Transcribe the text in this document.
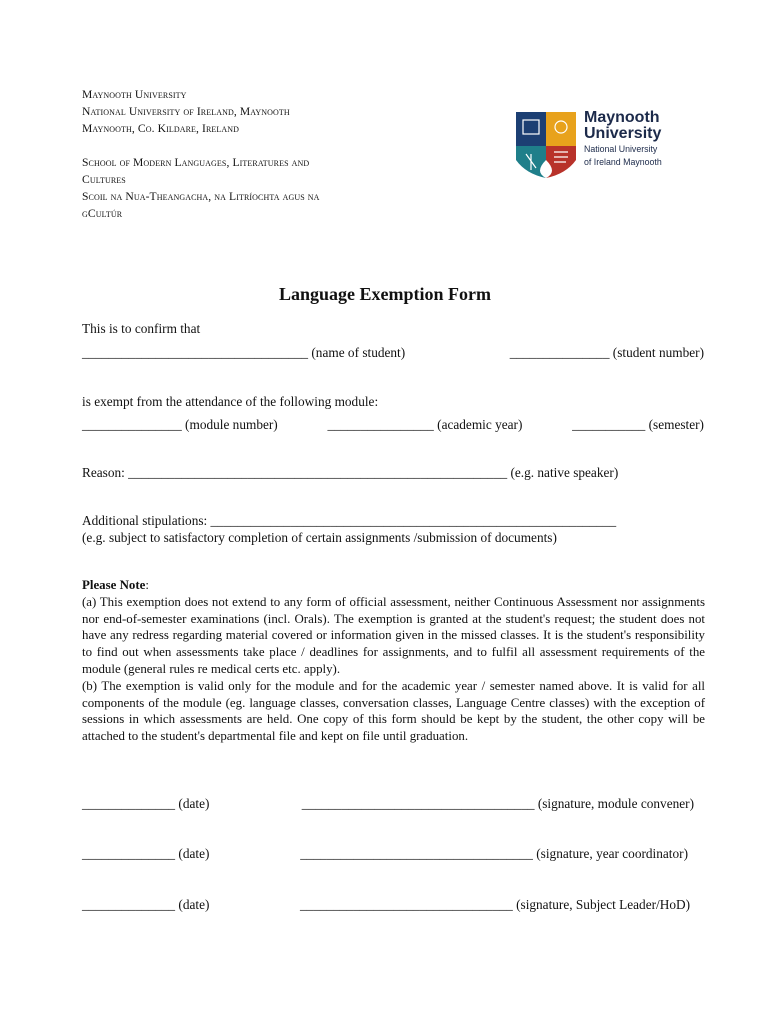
Maynooth University
National University of Ireland, Maynooth
Maynooth, Co. Kildare, Ireland
School of Modern Languages, Literatures and
Cultures
Scoil na Nua-Theangacha, na Litríochta agus na
gCultúr
Maynooth
University
National University
of Ireland Maynooth
Language Exemption Form
This is to confirm that
__________________________________ (name of student)	_______________ (student number)
is exempt from the attendance of the following module:
_______________ (module number)	________________ (academic year)	___________ (semester)
Reason: _________________________________________________________ (e.g. native speaker)
Additional stipulations: _____________________________________________________________
(e.g. subject to satisfactory completion of certain assignments /submission of documents)

Please Note:

(a) This exemption does not extend to any form of official assessment, neither Continuous Assessment nor assignments nor end-of-semester examinations (incl. Orals). The exemption is granted at the student's request; the student does not have any redress regarding material covered or information given in the missed classes. It is the student's responsibility to find out when assessments take place / deadlines for assignments, and to fulfil all assessment requirements of the module (general rules re medical certs etc. apply).

(b) The exemption is valid only for the module and for the academic year / semester named above. It is valid for all components of the module (eg. language classes, conversation classes, Language Centre classes) with the exception of sessions in which assessments are held. One copy of this form should be kept by the student, the other copy will be attached to the student's departmental file and kept on file until graduation.

______________ (date)	___________________________________ (signature, module convener)
______________ (date)	___________________________________ (signature, year coordinator)
______________ (date)	________________________________ (signature, Subject Leader/HoD)
